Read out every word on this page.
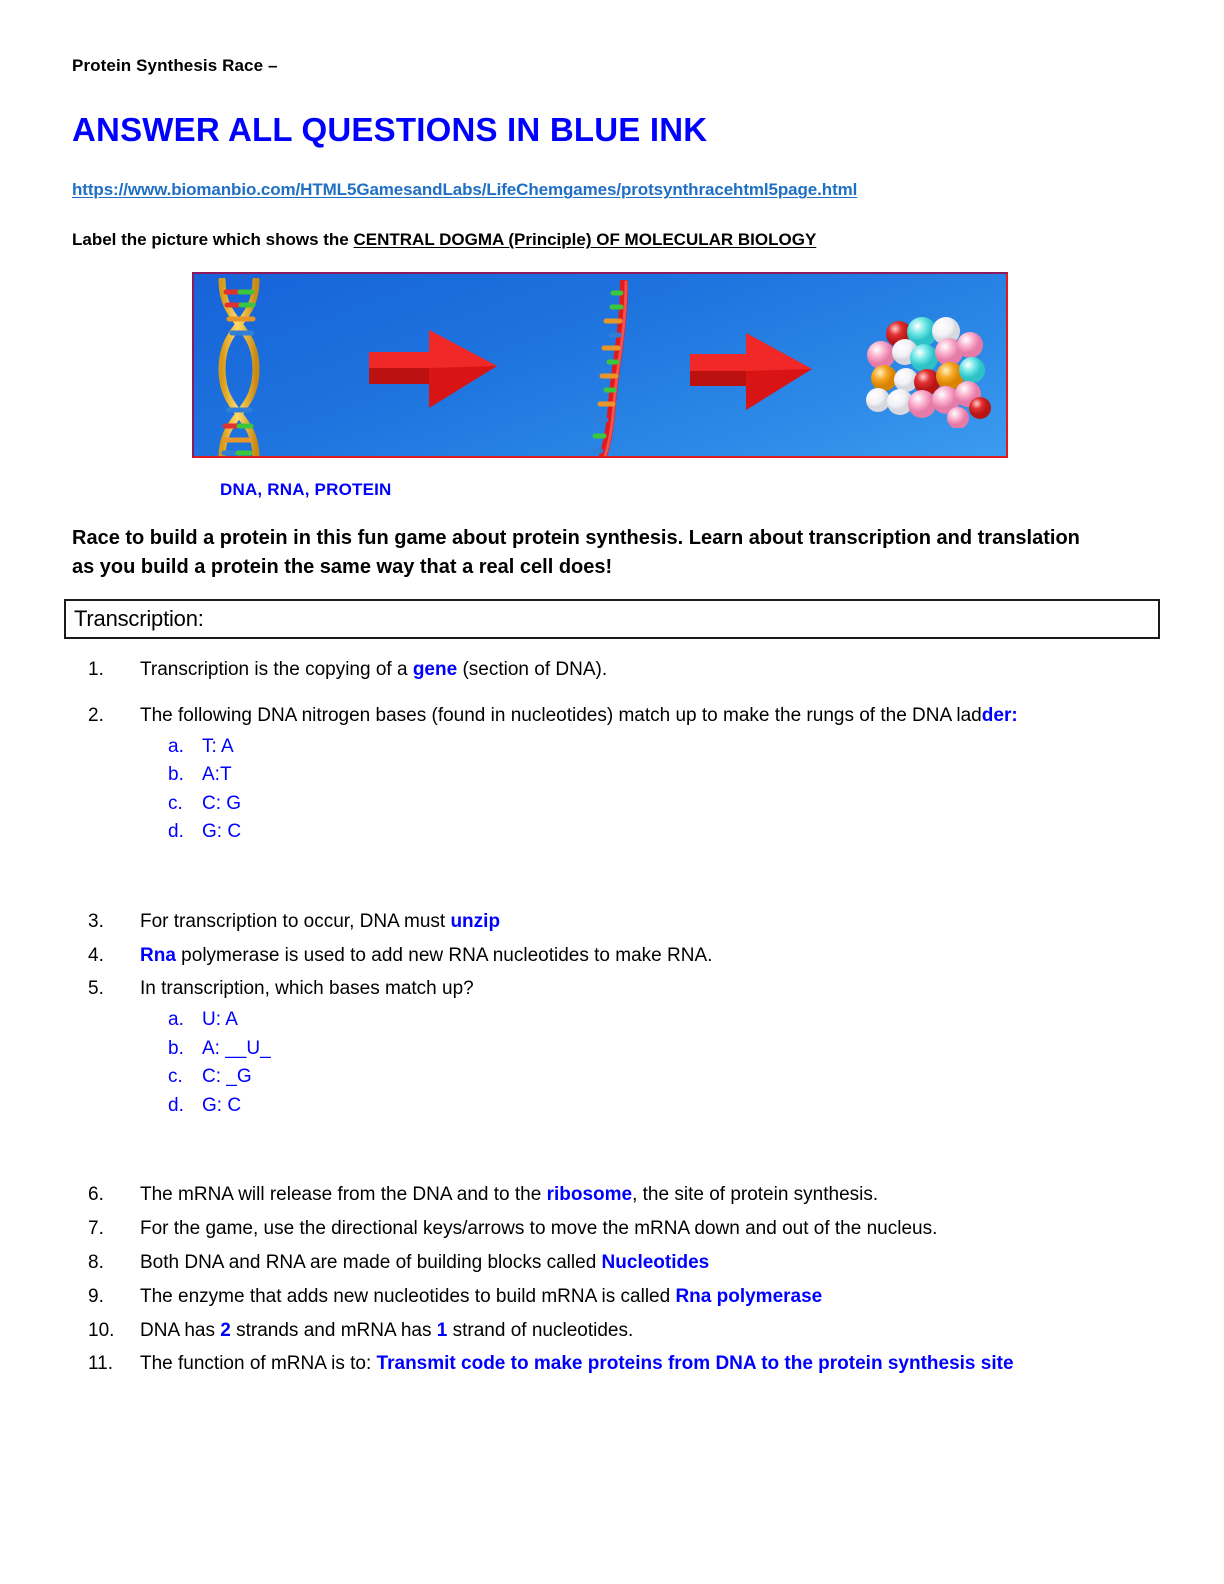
Protein Synthesis Race –
ANSWER ALL QUESTIONS IN BLUE INK
https://www.biomanbio.com/HTML5GamesandLabs/LifeChemgames/protsynthracehtml5page.html
Label the picture which shows the CENTRAL DOGMA (Principle) OF MOLECULAR BIOLOGY
DNA, RNA, PROTEIN
Race to build a protein in this fun game about protein synthesis. Learn about transcription and translation as you build a protein the same way that a real cell does!
Transcription:
1.	Transcription is the copying of a gene (section of DNA).
2.	The following DNA nitrogen bases (found in nucleotides) match up to make the rungs of the DNA ladder:
a. T: A
b. A:T
c.	C: G
d. G: C
3.	For transcription to occur, DNA must unzip
4.	Rna polymerase is used to add new RNA nucleotides to make RNA.
5.	In transcription, which bases match up?
a. U: A
b. A: __U_
c.	C: _G
d. G: C
6.	The mRNA will release from the DNA and to the ribosome, the site of protein synthesis.
7.	For the game, use the directional keys/arrows to move the mRNA down and out of the nucleus.
8.	Both DNA and RNA are made of building blocks called Nucleotides
9.	The enzyme that adds new nucleotides to build mRNA is called Rna polymerase
10.	DNA has 2 strands and mRNA has 1 strand of nucleotides.
11.	The function of mRNA is to: Transmit code to make proteins from DNA to the protein synthesis site
